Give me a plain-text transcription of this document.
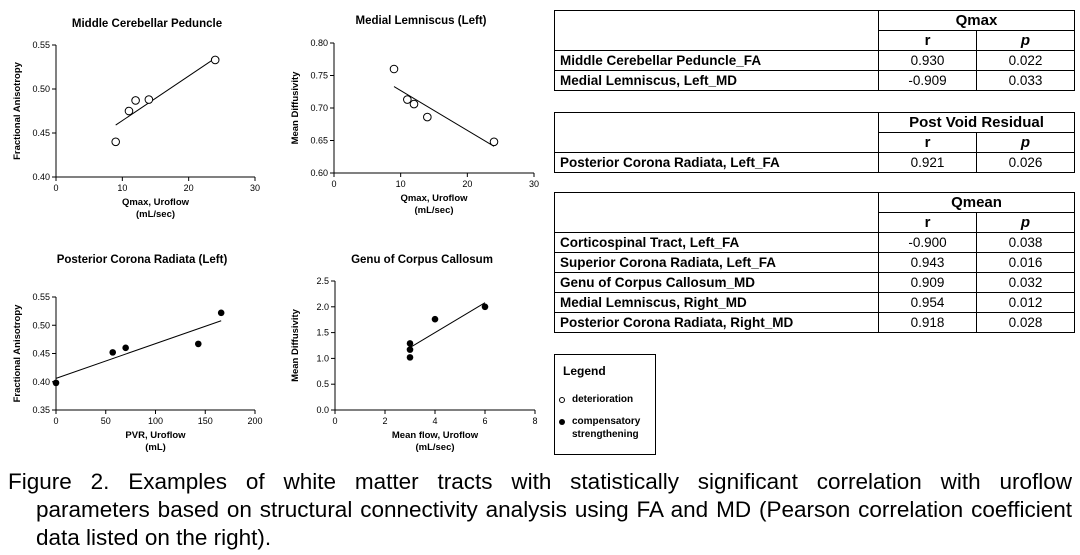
Middle Cerebellar Peduncle
0.40
0.45
0.50
0.55
0	10	20	30
Qmax, Uroflow
(mL/sec)
Fractional Anisotropy
Medial Lemniscus (Left)
0.60
0.65
0.70
0.75
0.80
0	10	20	30
Qmax, Uroflow
(mL/sec)
Mean Diffusivity
Posterior Corona Radiata (Left)
0.35
0.40
0.45
0.50
0.55
0	50	100	150	200
PVR, Uroflow
(mL)
Fractional Anisotropy
Genu of Corpus Callosum
0.0
0.5
1.0
1.5
2.0
2.5
0	2	4	6	8
Mean flow, Uroflow
(mL/sec)
Mean Diffusivity
	Qmax	
	r	p
Middle Cerebellar Peduncle_FA	0.930	0.022
Medial Lemniscus, Left_MD	-0.909	0.033
	Post Void Residual	
	r	p
Posterior Corona Radiata, Left_FA	0.921	0.026
	Qmean	
	r	p
Corticospinal Tract, Left_FA	-0.900	0.038
Superior Corona Radiata, Left_FA	0.943	0.016
Genu of Corpus Callosum_MD	0.909	0.032
Medial Lemniscus, Right_MD	0.954	0.012
Posterior Corona Radiata, Right_MD	0.918	0.028
Legend
deterioration
compensatory
strengthening
Figure 2. Examples of white matter tracts with statistically significant correlation with uroflow
parameters based on structural connectivity analysis using FA and MD (Pearson correlation coefficient data listed on the right).
